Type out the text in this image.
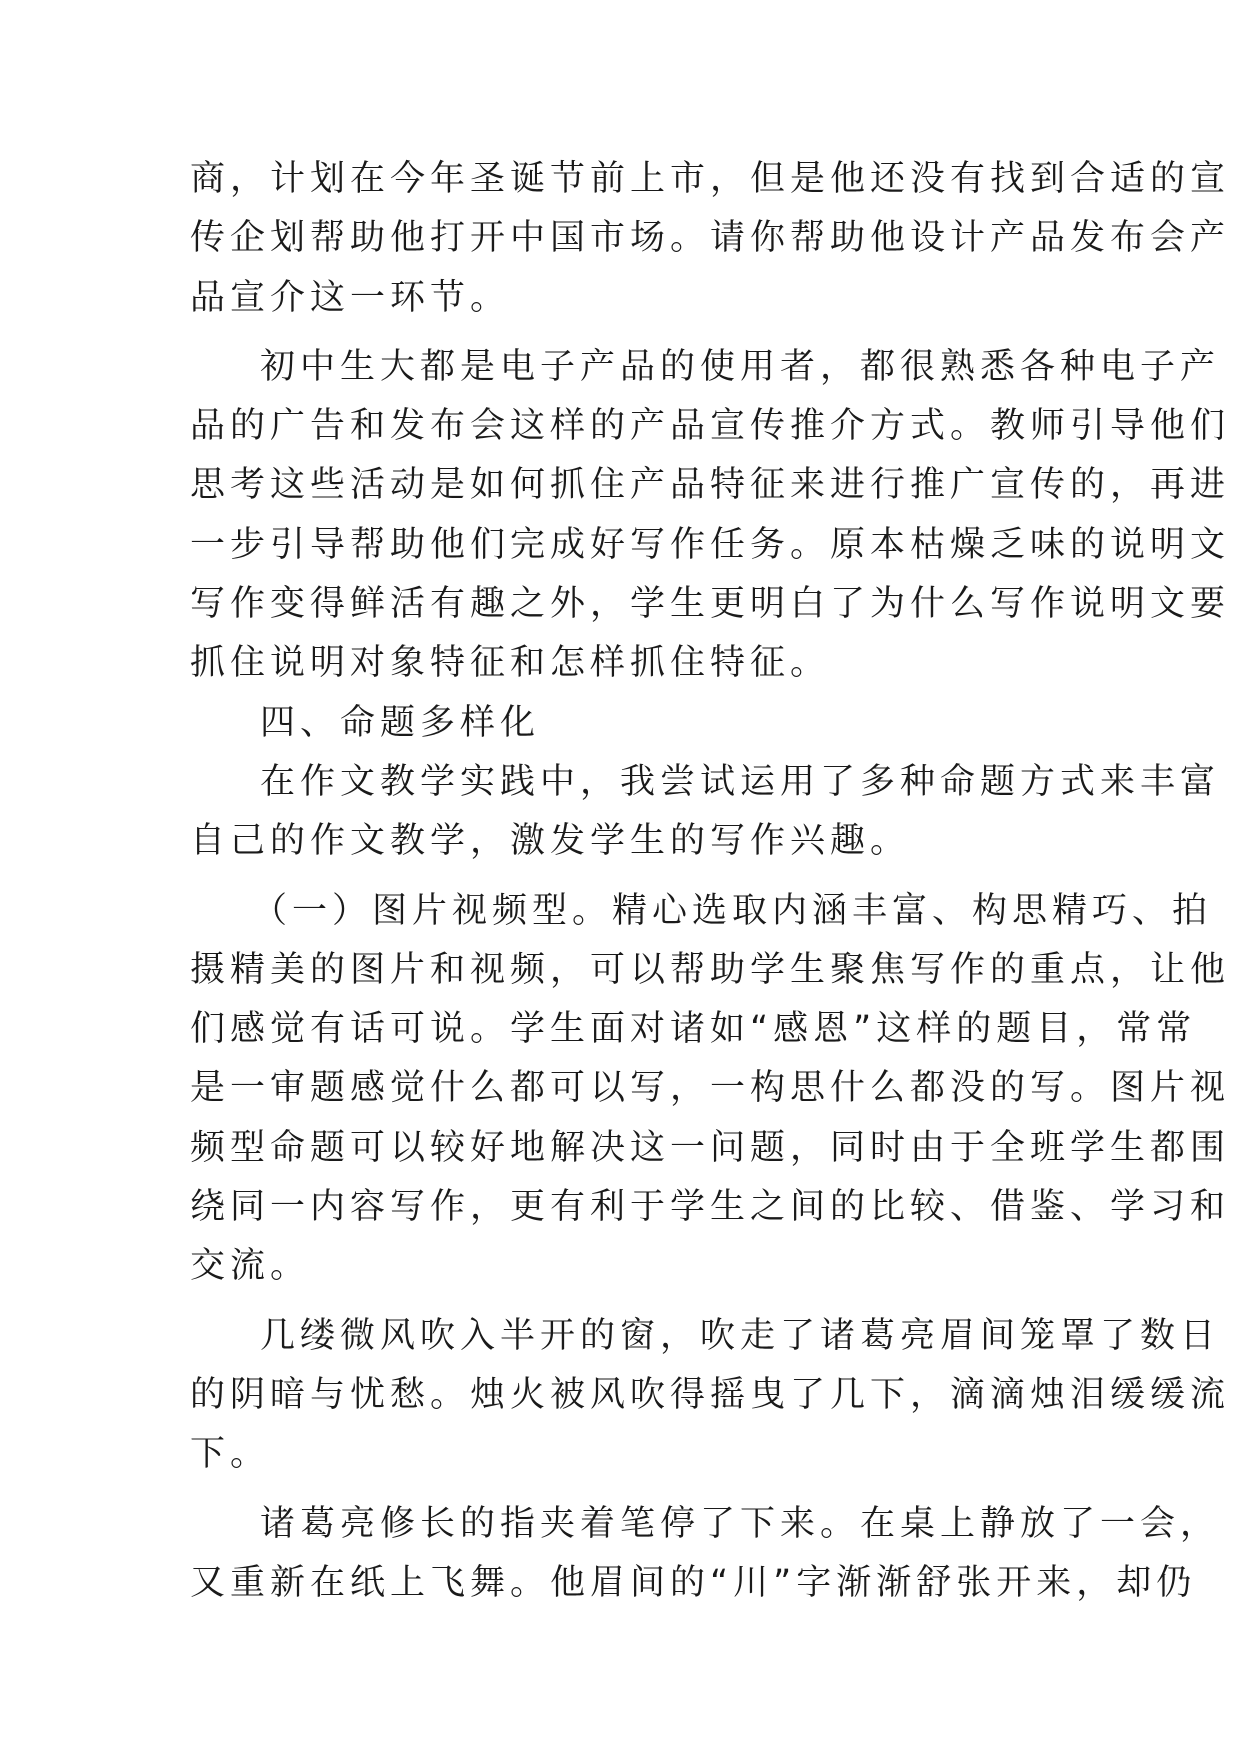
商，计划在今年圣诞节前上市，但是他还没有找到合适的宣
传企划帮助他打开中国市场。请你帮助他设计产品发布会产
品宣介这一环节。

初中生大都是电子产品的使用者，都很熟悉各种电子产
品的广告和发布会这样的产品宣传推介方式。教师引导他们
思考这些活动是如何抓住产品特征来进行推广宣传的，再进
一步引导帮助他们完成好写作任务。原本枯燥乏味的说明文
写作变得鲜活有趣之外，学生更明白了为什么写作说明文要
抓住说明对象特征和怎样抓住特征。

四、命题多样化

在作文教学实践中，我尝试运用了多种命题方式来丰富
自己的作文教学，激发学生的写作兴趣。

（一）图片视频型。精心选取内涵丰富、构思精巧、拍
摄精美的图片和视频，可以帮助学生聚焦写作的重点，让他
们感觉有话可说。学生面对诸如“感恩”这样的题目，常常
是一审题感觉什么都可以写，一构思什么都没的写。图片视
频型命题可以较好地解决这一问题，同时由于全班学生都围
绕同一内容写作，更有利于学生之间的比较、借鉴、学习和
交流。

几缕微风吹入半开的窗，吹走了诸葛亮眉间笼罩了数日
的阴暗与忧愁。烛火被风吹得摇曳了几下，滴滴烛泪缓缓流
下。

诸葛亮修长的指夹着笔停了下来。在桌上静放了一会，
又重新在纸上飞舞。他眉间的“川”字渐渐舒张开来，却仍
